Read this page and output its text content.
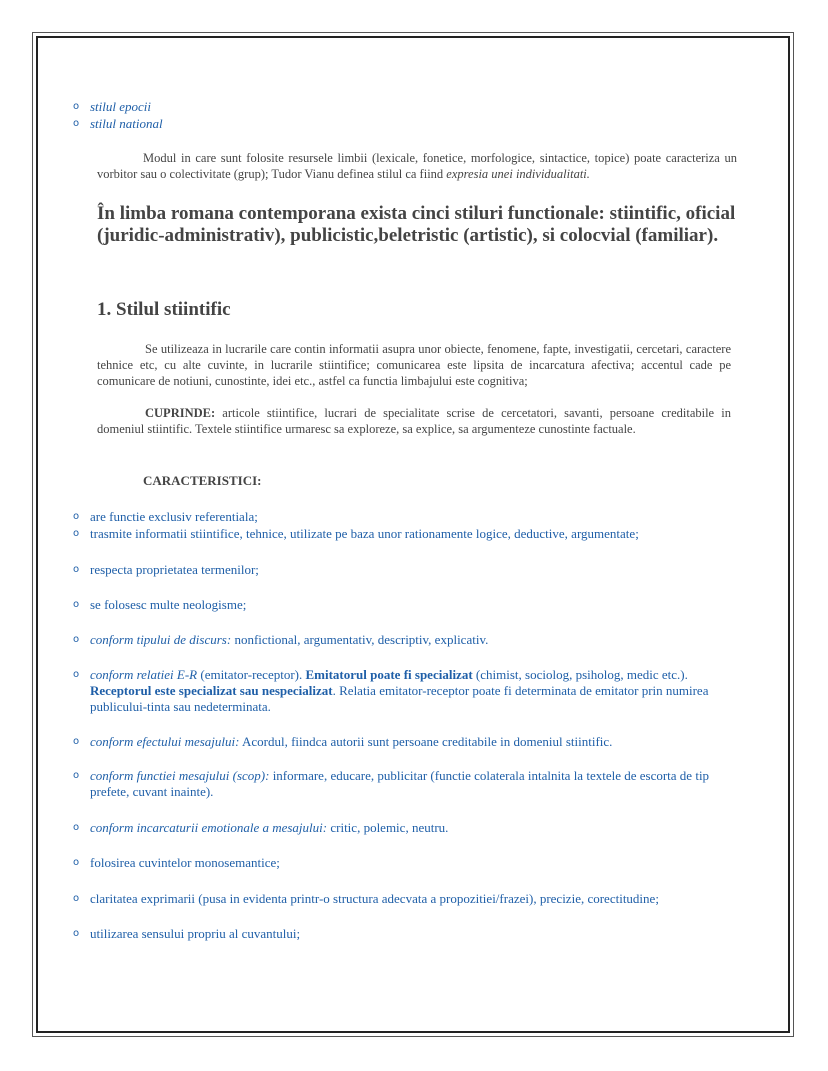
o stilul epocii
o stilul national
Modul in care sunt folosite resursele limbii (lexicale, fonetice, morfologice, sintactice, topice) poate caracteriza un vorbitor sau o colectivitate (grup); Tudor Vianu definea stilul ca fiind expresia unei individualitati.
În limba romana contemporana exista cinci stiluri functionale: stiintific, oficial (juridic-administrativ), publicistic,beletristic (artistic), si colocvial (familiar).
1. Stilul stiintific
Se utilizeaza in lucrarile care contin informatii asupra unor obiecte, fenomene, fapte, investigatii, cercetari, caractere tehnice etc, cu alte cuvinte, in lucrarile stiintifice; comunicarea este lipsita de incarcatura afectiva; accentul cade pe comunicare de notiuni, cunostinte, idei etc., astfel ca functia limbajului este cognitiva;
CUPRINDE: articole stiintifice, lucrari de specialitate scrise de cercetatori, savanti, persoane creditabile in domeniul stiintific. Textele stiintifice urmaresc sa exploreze, sa explice, sa argumenteze cunostinte factuale.
CARACTERISTICI:
o are functie exclusiv referentiala;
o trasmite informatii stiintifice, tehnice, utilizate pe baza unor rationamente logice, deductive, argumentate;
o respecta proprietatea termenilor;
o se folosesc multe neologisme;
o conform tipului de discurs: nonfictional, argumentativ, descriptiv, explicativ.
o conform relatiei E-R (emitator-receptor). Emitatorul poate fi specializat (chimist, sociolog, psiholog, medic etc.). Receptorul este specializat sau nespecializat. Relatia emitator-receptor poate fi determinata de emitator prin numirea publicului-tinta sau nedeterminata.
o conform efectului mesajului: Acordul, fiindca autorii sunt persoane creditabile in domeniul stiintific.
o conform functiei mesajului (scop): informare, educare, publicitar (functie colaterala intalnita la textele de escorta de tip prefete, cuvant inainte).
o conform incarcaturii emotionale a mesajului: critic, polemic, neutru.
o folosirea cuvintelor monosemantice;
o claritatea exprimarii (pusa in evidenta printr-o structura adecvata a propozitiei/frazei), precizie, corectitudine;
o utilizarea sensului propriu al cuvantului;
